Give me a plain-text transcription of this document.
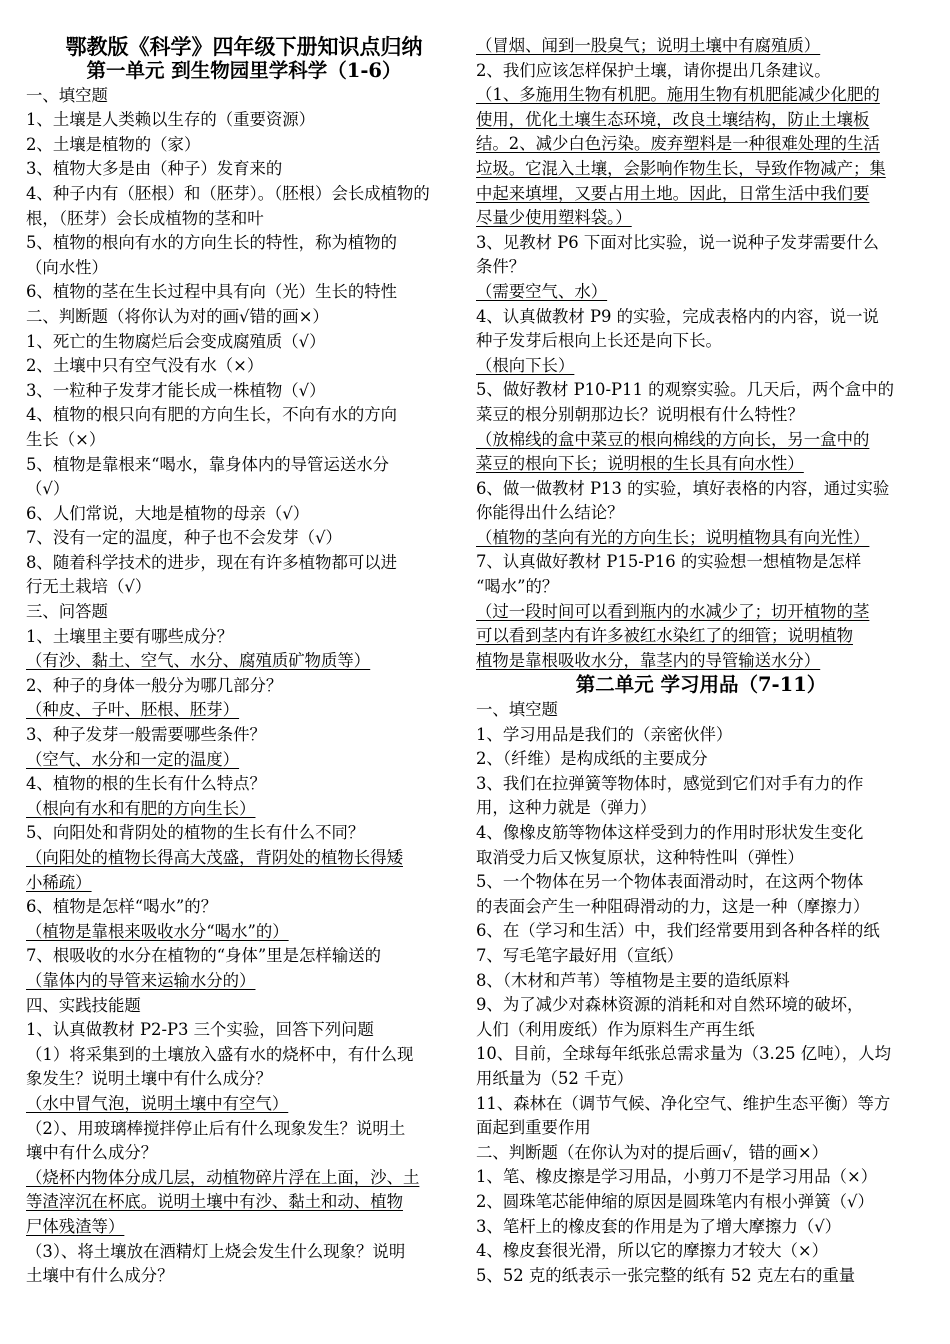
鄂教版《科学》四年级下册知识点归纳
第一单元 到生物园里学科学（1-6）
一、填空题
1、土壤是人类赖以生存的（重要资源）
2、土壤是植物的（家）
3、植物大多是由（种子）发育来的
4、种子内有（胚根）和（胚芽）。（胚根）会长成植物的
根，（胚芽）会长成植物的茎和叶
5、植物的根向有水的方向生长的特性，称为植物的
（向水性）
6、植物的茎在生长过程中具有向（光）生长的特性
二、判断题（将你认为对的画√错的画×）
1、死亡的生物腐烂后会变成腐殖质（√）
2、土壤中只有空气没有水（×）
3、一粒种子发芽才能长成一株植物（√）
4、植物的根只向有肥的方向生长，不向有水的方向
生长（×）
5、植物是靠根来“喝水，靠身体内的导管运送水分
（√）
6、人们常说，大地是植物的母亲（√）
7、没有一定的温度，种子也不会发芽（√）
8、随着科学技术的进步，现在有许多植物都可以进
行无土栽培（√）
三、问答题
1、土壤里主要有哪些成分？
（有沙、黏土、空气、水分、腐殖质矿物质等）
2、种子的身体一般分为哪几部分？
（种皮、子叶、胚根、胚芽）
3、种子发芽一般需要哪些条件？
（空气、水分和一定的温度）
4、植物的根的生长有什么特点？
（根向有水和有肥的方向生长）
5、向阳处和背阴处的植物的生长有什么不同？
（向阳处的植物长得高大茂盛，背阴处的植物长得矮
小稀疏）
6、植物是怎样“喝水”的？
（植物是靠根来吸收水分“喝水”的）
7、根吸收的水分在植物的“身体”里是怎样输送的
（靠体内的导管来运输水分的）
四、实践技能题
1、认真做教材 P2-P3 三个实验，回答下列问题
（1）将采集到的土壤放入盛有水的烧杯中，有什么现
象发生？说明土壤中有什么成分？
（水中冒气泡，说明土壤中有空气）
（2）、用玻璃棒搅拌停止后有什么现象发生？说明土
壤中有什么成分？
（烧杯内物体分成几层，动植物碎片浮在上面，沙、土
等渣滓沉在杯底。说明土壤中有沙、黏土和动、植物
尸体残渣等）
（3）、将土壤放在酒精灯上烧会发生什么现象？说明
土壤中有什么成分？
（冒烟、闻到一股臭气；说明土壤中有腐殖质）
2、我们应该怎样保护土壤，请你提出几条建议。
（1、多施用生物有机肥。施用生物有机肥能减少化肥的
使用，优化土壤生态环境，改良土壤结构，防止土壤板
结。2、减少白色污染。废弃塑料是一种很难处理的生活
垃圾。它混入土壤，会影响作物生长，导致作物减产；集
中起来填埋，又要占用土地。因此，日常生活中我们要
尽量少使用塑料袋。）
3、见教材 P6 下面对比实验，说一说种子发芽需要什么
条件？
（需要空气、水）
4、认真做教材 P9 的实验，完成表格内的内容，说一说
种子发芽后根向上长还是向下长。
（根向下长）
5、做好教材 P10-P11 的观察实验。几天后，两个盒中的
菜豆的根分别朝那边长？说明根有什么特性？
（放棉线的盒中菜豆的根向棉线的方向长，另一盒中的
菜豆的根向下长；说明根的生长具有向水性）
6、做一做教材 P13 的实验，填好表格的内容，通过实验
你能得出什么结论？
（植物的茎向有光的方向生长；说明植物具有向光性）
7、认真做好教材 P15-P16 的实验想一想植物是怎样
“喝水”的？
（过一段时间可以看到瓶内的水减少了；切开植物的茎
可以看到茎内有许多被红水染红了的细管；说明植物
植物是靠根吸收水分，靠茎内的导管输送水分）
第二单元 学习用品（7-11）
一、填空题
1、学习用品是我们的（亲密伙伴）
2、（纤维）是构成纸的主要成分
3、我们在拉弹簧等物体时，感觉到它们对手有力的作
用，这种力就是（弹力）
4、像橡皮筋等物体这样受到力的作用时形状发生变化
取消受力后又恢复原状，这种特性叫（弹性）
5、一个物体在另一个物体表面滑动时，在这两个物体
的表面会产生一种阻碍滑动的力，这是一种（摩擦力）
6、在（学习和生活）中，我们经常要用到各种各样的纸
7、写毛笔字最好用（宣纸）
8、（木材和芦苇）等植物是主要的造纸原料
9、为了减少对森林资源的消耗和对自然环境的破坏，
人们（利用废纸）作为原料生产再生纸
10、目前，全球每年纸张总需求量为（3.25 亿吨），人均
用纸量为（52 千克）
11、森林在（调节气候、净化空气、维护生态平衡）等方
面起到重要作用
二、判断题（在你认为对的提后画√，错的画×）
1、笔、橡皮擦是学习用品，小剪刀不是学习用品（×）
2、圆珠笔芯能伸缩的原因是圆珠笔内有根小弹簧（√）
3、笔杆上的橡皮套的作用是为了增大摩擦力（√）
4、橡皮套很光滑，所以它的摩擦力才较大（×）
5、52 克的纸表示一张完整的纸有 52 克左右的重量
